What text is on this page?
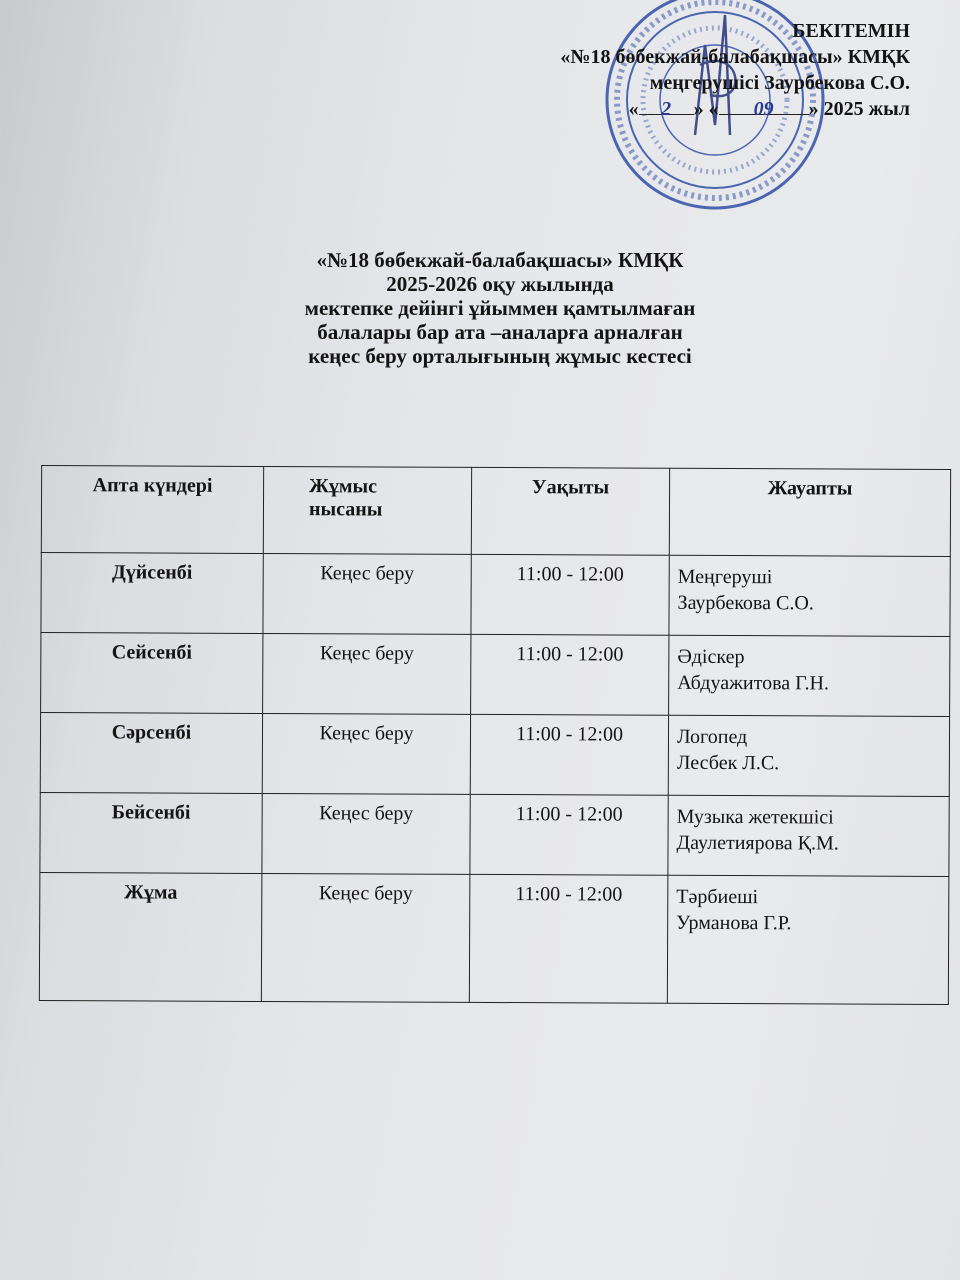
БЕКІТЕМІН
«№18 бөбекжай-балабақшасы» КМҚК
меңгерушісі Заурбекова С.О.
« 2 » « 09 » 2025 жыл
«№18 бөбекжай-балабақшасы» КМҚК
2025-2026 оқу жылында
мектепке дейінгі ұйыммен қамтылмаған
балалары бар ата –аналарға арналған
кеңес беру орталығының жұмыс кестесі
Апта күндері	Жұмыс нысаны	Уақыты	Жауапты
Дүйсенбі	Кеңес беру	11:00 - 12:00	Меңгеруші
Заурбекова С.О.

Сейсенбі	Кеңес беру	11:00 - 12:00	Әдіскер
Абдуажитова Г.Н.

Сәрсенбі	Кеңес беру	11:00 - 12:00	Логопед
Лесбек Л.С.

Бейсенбі	Кеңес беру	11:00 - 12:00	Музыка жетекшісі
Даулетиярова Қ.М.

Жұма	Кеңес беру	11:00 - 12:00	Тәрбиеші
Урманова Г.Р.
